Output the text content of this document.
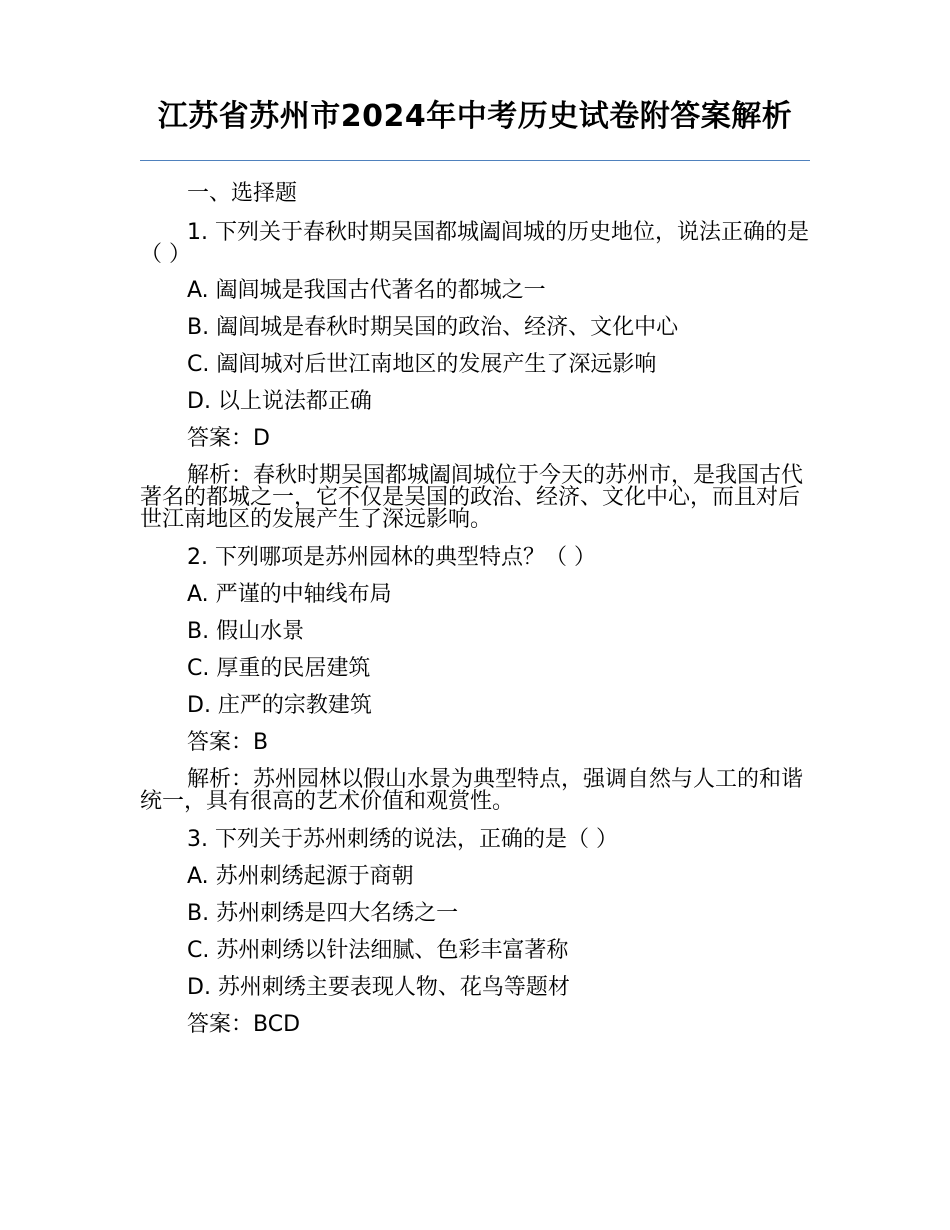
江苏省苏州市2024年中考历史试卷附答案解析
一、选择题
1. 下列关于春秋时期吴国都城阖闾城的历史地位，说法正确的是（ ）
A. 阖闾城是我国古代著名的都城之一
B. 阖闾城是春秋时期吴国的政治、经济、文化中心
C. 阖闾城对后世江南地区的发展产生了深远影响
D. 以上说法都正确
答案：D
解析：春秋时期吴国都城阖闾城位于今天的苏州市，是我国古代著名的都城之一，它不仅是吴国的政治、经济、文化中心，而且对后世江南地区的发展产生了深远影响。
2. 下列哪项是苏州园林的典型特点？（ ）
A. 严谨的中轴线布局
B. 假山水景
C. 厚重的民居建筑
D. 庄严的宗教建筑
答案：B
解析：苏州园林以假山水景为典型特点，强调自然与人工的和谐统一，具有很高的艺术价值和观赏性。
3. 下列关于苏州刺绣的说法，正确的是（ ）
A. 苏州刺绣起源于商朝
B. 苏州刺绣是四大名绣之一
C. 苏州刺绣以针法细腻、色彩丰富著称
D. 苏州刺绣主要表现人物、花鸟等题材
答案：BCD
